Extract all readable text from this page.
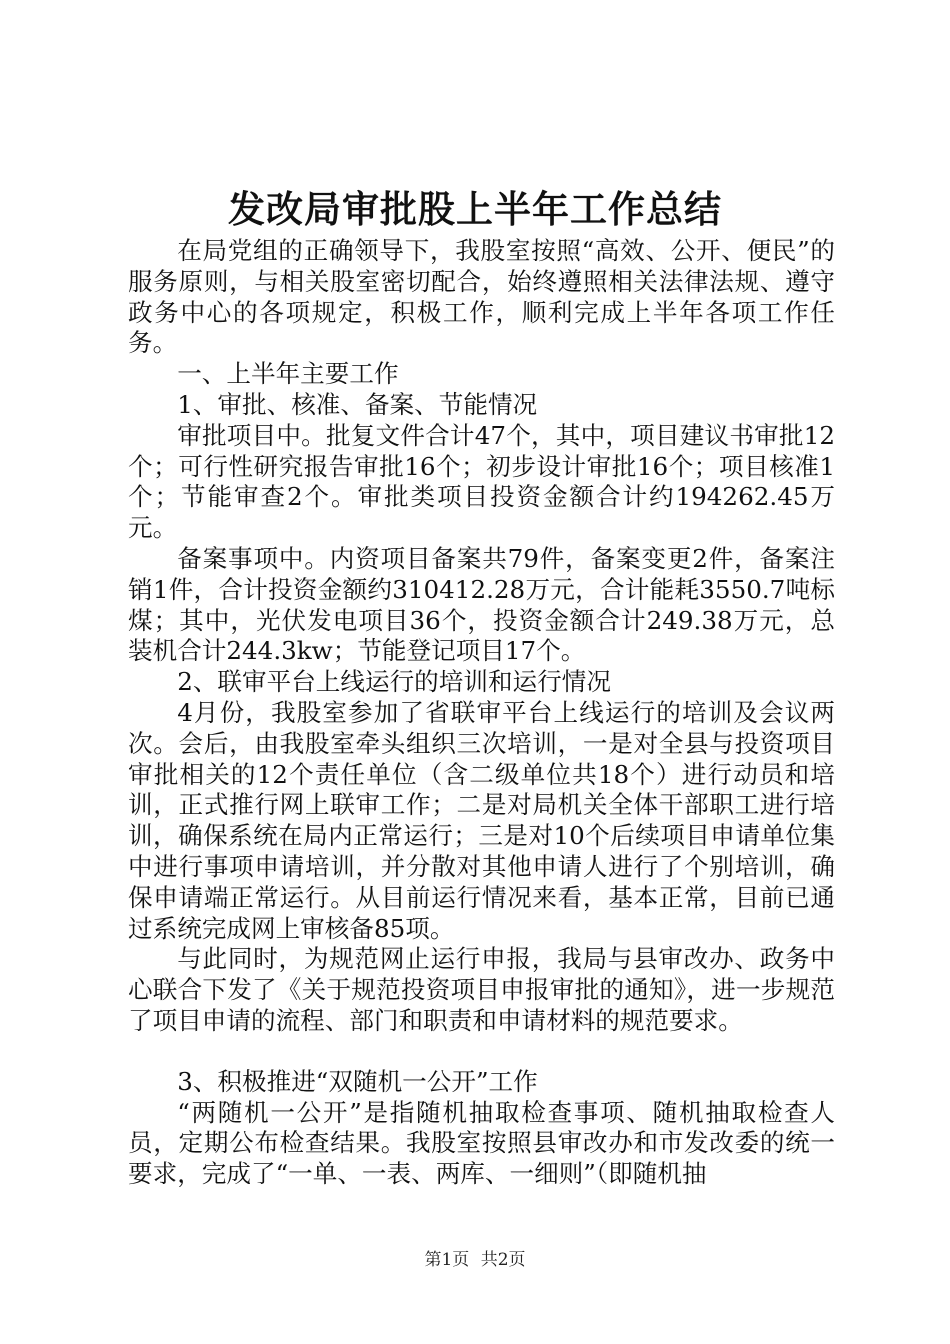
发改局审批股上半年工作总结

在局党组的正确领导下，我股室按照“高效、公开、便民”的服务原则，与相关股室密切配合，始终遵照相关法律法规、遵守政务中心的各项规定，积极工作，顺利完成上半年各项工作任务。

一、上半年主要工作

1、审批、核准、备案、节能情况

审批项目中。批复文件合计47个，其中，项目建议书审批12个；可行性研究报告审批16个；初步设计审批16个；项目核准1个；节能审查2个。审批类项目投资金额合计约194262.45万元。

备案事项中。内资项目备案共79件，备案变更2件，备案注销1件，合计投资金额约310412.28万元，合计能耗3550.7吨标煤；其中，光伏发电项目36个，投资金额合计249.38万元，总装机合计244.3kw；节能登记项目17个。

2、联审平台上线运行的培训和运行情况

4月份，我股室参加了省联审平台上线运行的培训及会议两次。会后，由我股室牵头组织三次培训，一是对全县与投资项目审批相关的12个责任单位（含二级单位共18个）进行动员和培训，正式推行网上联审工作；二是对局机关全体干部职工进行培训，确保系统在局内正常运行；三是对10个后续项目申请单位集中进行事项申请培训，并分散对其他申请人进行了个别培训，确保申请端正常运行。从目前运行情况来看，基本正常，目前已通过系统完成网上审核备85项。

与此同时，为规范网止运行申报，我局与县审改办、政务中心联合下发了《关于规范投资项目申报审批的通知》，进一步规范了项目申请的流程、部门和职责和申请材料的规范要求。

3、积极推进“双随机一公开”工作

“两随机一公开”是指随机抽取检查事项、随机抽取检查人员，定期公布检查结果。我股室按照县审改办和市发改委的统一要求，完成了“一单、一表、两库、一细则”（即随机抽

第1页 共2页
